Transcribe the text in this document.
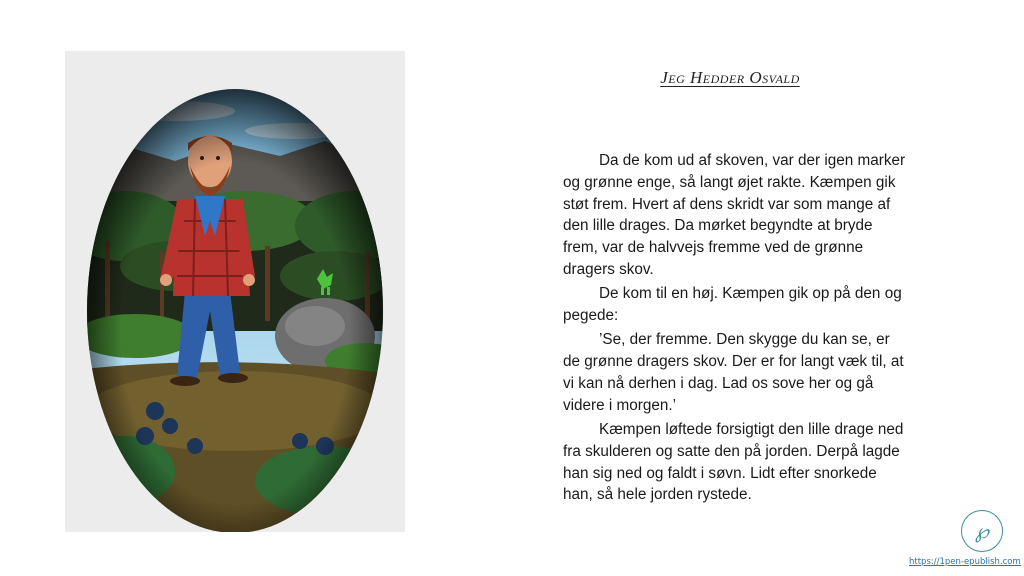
Jeg Hedder Osvald

Da de kom ud af skoven, var der igen marker og grønne enge, så langt øjet rakte. Kæmpen gik støt frem. Hvert af dens skridt var som mange af den lille drages. Da mørket begyndte at bryde frem, var de halvvejs fremme ved de grønne dragers skov.

De kom til en høj. Kæmpen gik op på den og pegede:

’Se, der fremme. Den skygge du kan se, er de grønne dragers skov. Der er for langt væk til, at vi kan nå derhen i dag. Lad os sove her og gå videre i morgen.’

Kæmpen løftede forsigtigt den lille drage ned fra skulderen og satte den på jorden. Derpå lagde han sig ned og faldt i søvn. Lidt efter snorkede han, så hele jorden rystede.

℘
https://1pen-epublish.com
